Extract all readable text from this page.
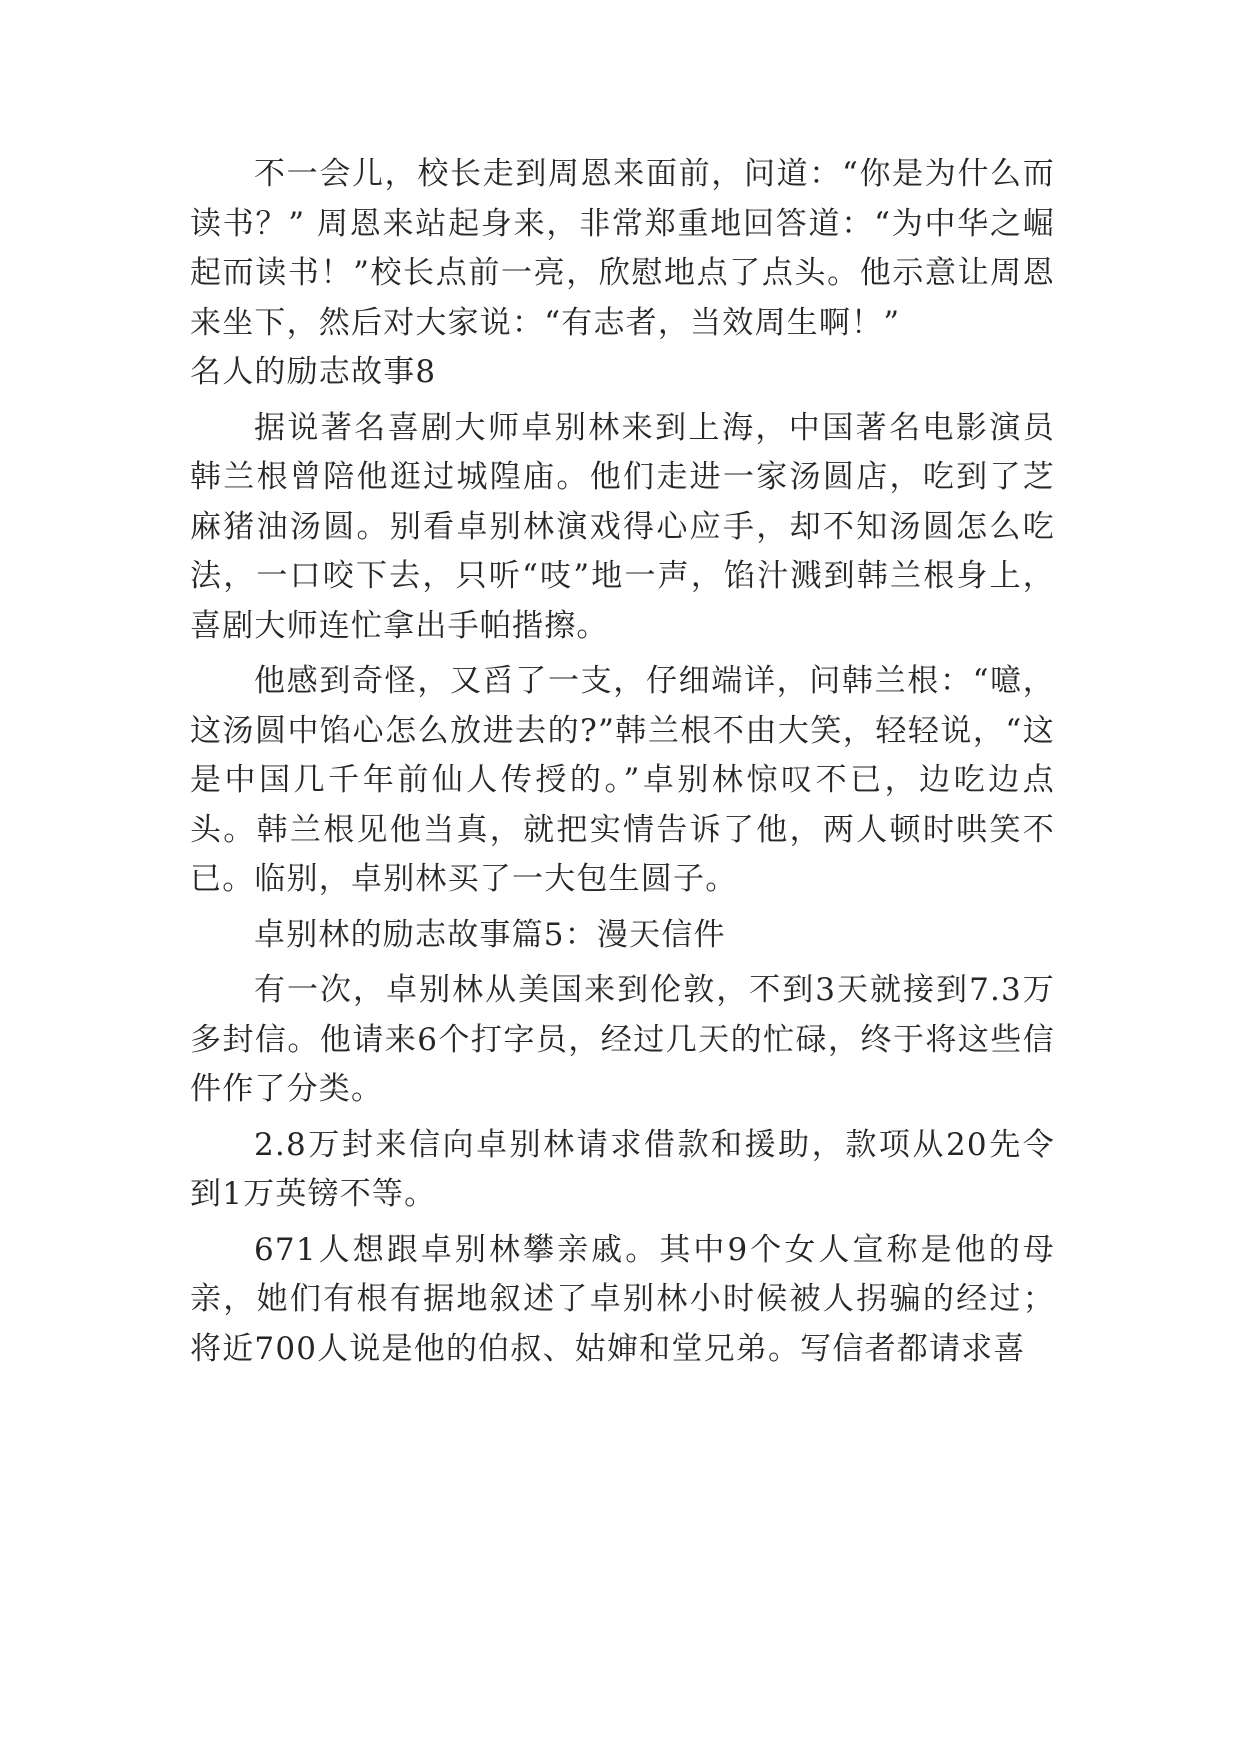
不一会儿，校长走到周恩来面前，问道：“你是为什么而读书？” 周恩来站起身来，非常郑重地回答道：“为中华之崛起而读书！”校长点前一亮，欣慰地点了点头。他示意让周恩来坐下，然后对大家说：“有志者，当效周生啊！”

名人的励志故事8

据说著名喜剧大师卓别林来到上海，中国著名电影演员韩兰根曾陪他逛过城隍庙。他们走进一家汤圆店，吃到了芝麻猪油汤圆。别看卓别林演戏得心应手，却不知汤圆怎么吃法，一口咬下去，只听“吱”地一声，馅汁溅到韩兰根身上，喜剧大师连忙拿出手帕揩擦。

他感到奇怪，又舀了一支，仔细端详，问韩兰根：“噫，这汤圆中馅心怎么放进去的?”韩兰根不由大笑，轻轻说，“这是中国几千年前仙人传授的。”卓别林惊叹不已，边吃边点头。韩兰根见他当真，就把实情告诉了他，两人顿时哄笑不已。临别，卓别林买了一大包生圆子。

卓别林的励志故事篇5：漫天信件

有一次，卓别林从美国来到伦敦，不到3天就接到7.3万多封信。他请来6个打字员，经过几天的忙碌，终于将这些信件作了分类。

2.8万封来信向卓别林请求借款和援助，款项从20先令到1万英镑不等。

671人想跟卓别林攀亲戚。其中9个女人宣称是他的母亲，她们有根有据地叙述了卓别林小时候被人拐骗的经过；将近700人说是他的伯叔、姑婶和堂兄弟。写信者都请求喜
